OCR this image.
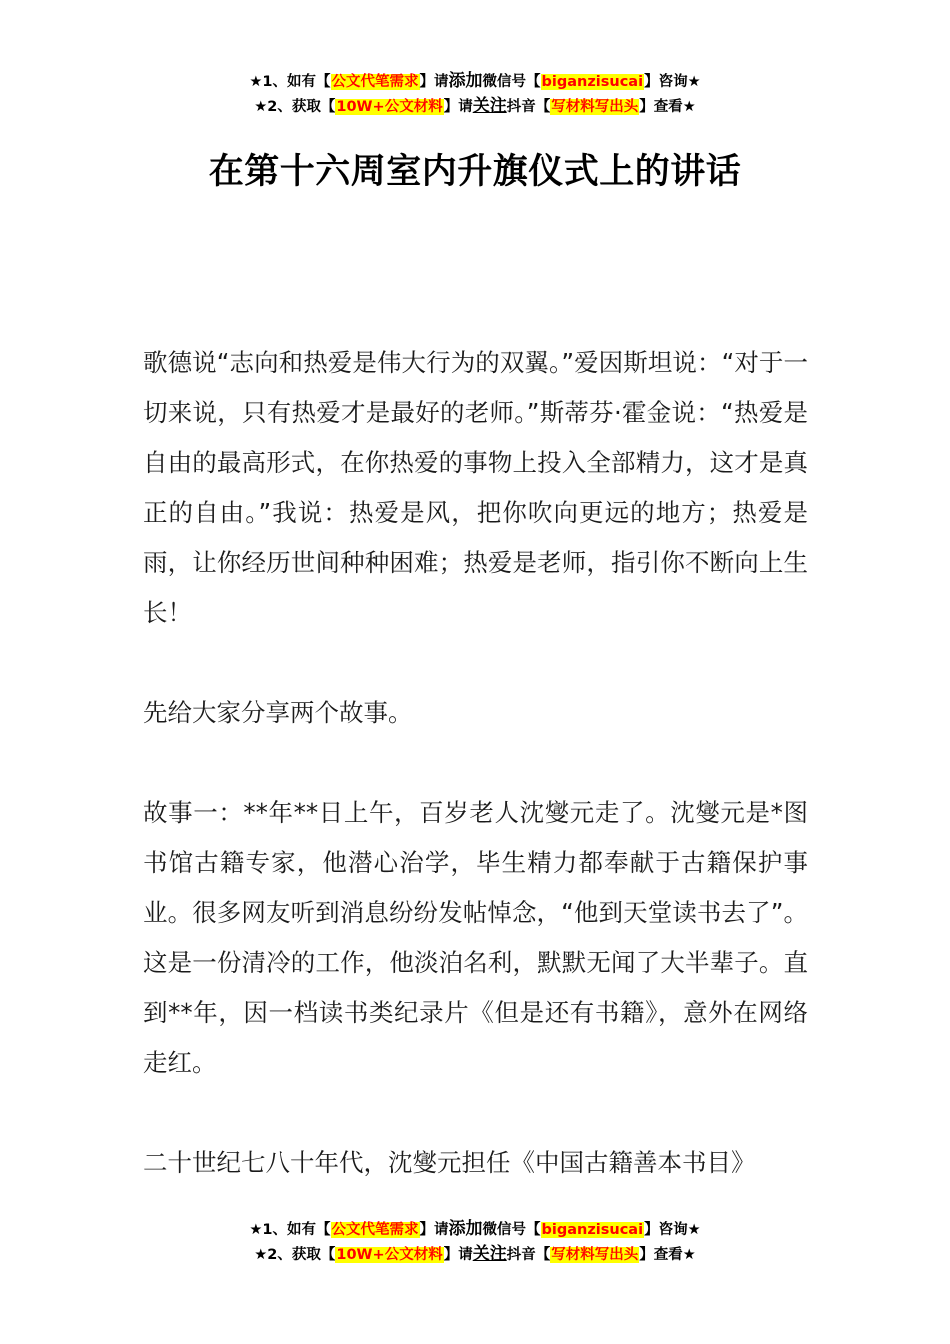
★1、如有【公文代笔需求】请添加微信号【biganzisucai】咨询★
★2、获取【10W+公文材料】请关注抖音【写材料写出头】查看★
在第十六周室内升旗仪式上的讲话

歌德说“志向和热爱是伟大行为的双翼。”爱因斯坦说：“对于一切来说，只有热爱才是最好的老师。”斯蒂芬·霍金说：“热爱是自由的最高形式，在你热爱的事物上投入全部精力，这才是真正的自由。”我说：热爱是风，把你吹向更远的地方；热爱是雨，让你经历世间种种困难；热爱是老师，指引你不断向上生长！

先给大家分享两个故事。

故事一：**年**日上午，百岁老人沈燮元走了。沈燮元是*图书馆古籍专家，他潜心治学，毕生精力都奉献于古籍保护事业。很多网友听到消息纷纷发帖悼念，“他到天堂读书去了”。这是一份清冷的工作，他淡泊名利，默默无闻了大半辈子。直到**年，因一档读书类纪录片《但是还有书籍》，意外在网络走红。

二十世纪七八十年代，沈燮元担任《中国古籍善本书目》

★1、如有【公文代笔需求】请添加微信号【biganzisucai】咨询★
★2、获取【10W+公文材料】请关注抖音【写材料写出头】查看★
